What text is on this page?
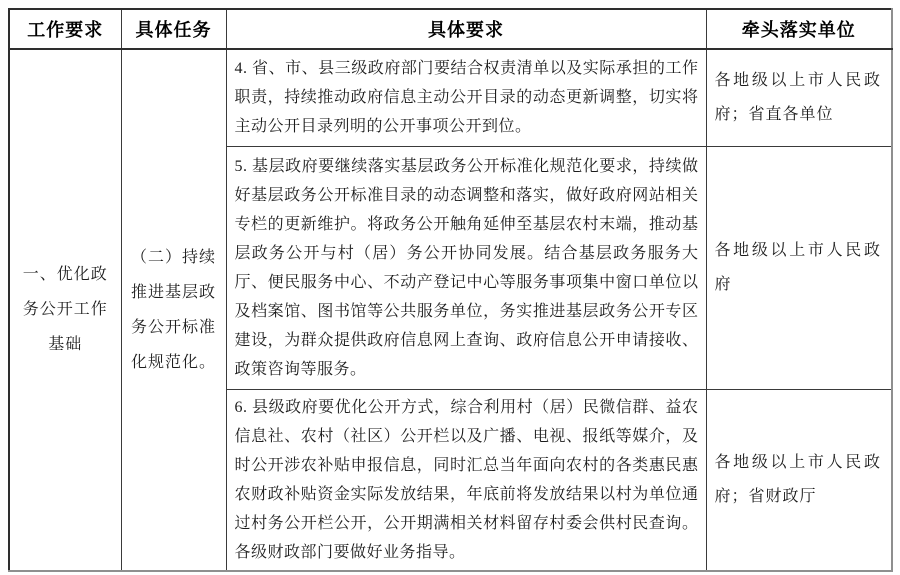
工作要求	具体任务	具体要求	牵头落实单位
一、优化政务公开工作基础	（二）持续推进基层政务公开标准化规范化。	4. 省、市、县三级政府部门要结合权责清单以及实际承担的工作职责，持续推动政府信息主动公开目录的动态更新调整，切实将主动公开目录列明的公开事项公开到位。	各地级以上市人民政府；省直各单位
		5. 基层政府要继续落实基层政务公开标准化规范化要求，持续做好基层政务公开标准目录的动态调整和落实，做好政府网站相关专栏的更新维护。将政务公开触角延伸至基层农村末端，推动基层政务公开与村（居）务公开协同发展。结合基层政务服务大厅、便民服务中心、不动产登记中心等服务事项集中窗口单位以及档案馆、图书馆等公共服务单位，务实推进基层政务公开专区建设，为群众提供政府信息网上查询、政府信息公开申请接收、政策咨询等服务。	各地级以上市人民政府
		6. 县级政府要优化公开方式，综合利用村（居）民微信群、益农信息社、农村（社区）公开栏以及广播、电视、报纸等媒介，及时公开涉农补贴申报信息，同时汇总当年面向农村的各类惠民惠农财政补贴资金实际发放结果，年底前将发放结果以村为单位通过村务公开栏公开，公开期满相关材料留存村委会供村民查询。各级财政部门要做好业务指导。	各地级以上市人民政府；省财政厅
